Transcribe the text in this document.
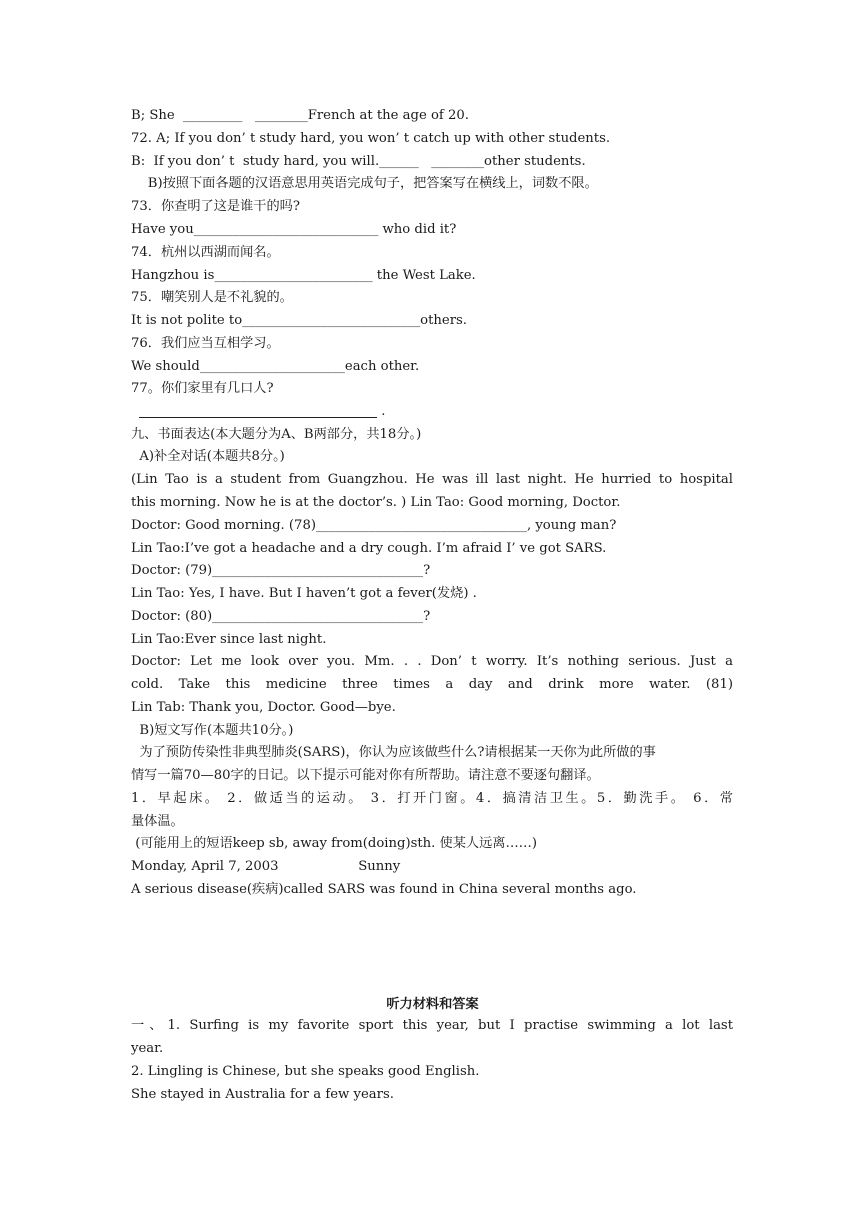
B; She  _________   ________French at the age of 20.
72. A; If you don’ t study hard, you won’ t catch up with other students.
B:  If you don’ t  study hard, you will.______   ________other students.
B)按照下面各题的汉语意思用英语完成句子，把答案写在横线上，词数不限。
73．你查明了这是谁干的吗?
Have you____________________________ who did it?
74．杭州以西湖而闻名。
Hangzhou is________________________ the West Lake.
75．嘲笑别人是不礼貌的。
It is not polite to___________________________others.
76．我们应当互相学习。
We should______________________each other.
77。你们家里有几口人?
.
九、书面表达(本大题分为A、B两部分，共18分。)
A)补全对话(本题共8分。)
(Lin Tao is a student from Guangzhou. He was ill last night. He hurried to hospital
this morning. Now he is at the doctor’s. ) Lin Tao: Good morning, Doctor.
Doctor: Good morning. (78)________________________________, young man?
Lin Tao:I’ve got a headache and a dry cough. I’m afraid I’ ve got SARS.
Doctor: (79)________________________________?
Lin Tao: Yes, I have. But I haven’t got a fever(发烧) .
Doctor: (80)________________________________?
Lin Tao:Ever since last night.
Doctor: Let me look over you. Mm. . . Don’ t worry. It’s nothing serious. Just a
cold. Take this medicine three times a day and drink more water. (81)
Lin Tab: Thank you, Doctor. Good—bye.
B)短文写作(本题共10分。)
为了预防传染性非典型肺炎(SARS)，你认为应该做些什么?请根据某一天你为此所做的事
情写一篇70—80字的日记。以下提示可能对你有所帮助。请注意不要逐句翻译。
1．早起床。 2．做适当的运动。 3．打开门窗。4．搞清洁卫生。5．勤洗手。 6．常
量体温。
(可能用上的短语keep sb, away from(doing)sth. 使某人远离……)
Monday, April 7, 2003                   Sunny
A serious disease(疾病)called SARS was found in China several months ago.
听力材料和答案
一、1. Surfing is my favorite sport this year, but I practise swimming a lot last
year.
2. Lingling is Chinese, but she speaks good English.
She stayed in Australia for a few years.
